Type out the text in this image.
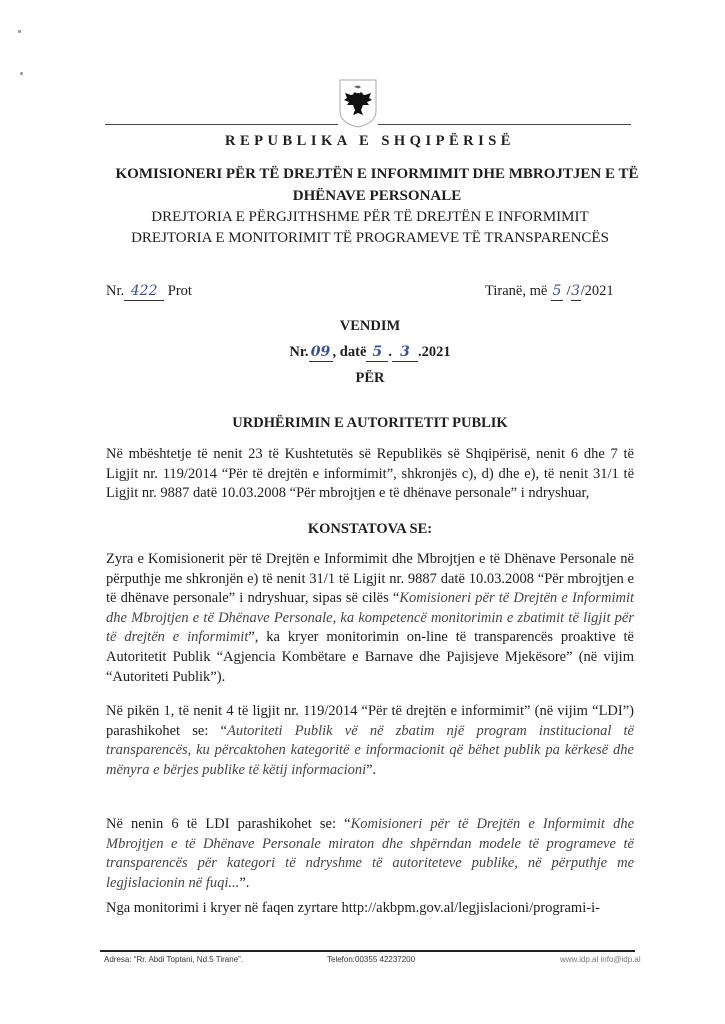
REPUBLIKA E SHQIPËRISË
KOMISIONERI PËR TË DREJTËN E INFORMIMIT DHE MBROJTJEN E TË DHËNAVE PERSONALE
DREJTORIA E PËRGJITHSHME PËR TË DREJTËN E INFORMIMIT
DREJTORIA E MONITORIMIT TË PROGRAMEVE TË TRANSPARENCËS
Nr. 422 Prot	Tiranë, më 5 /3/2021
VENDIM
Nr. 09 , datë 5 . 3 .2021
PËR
URDHËRIMIN E AUTORITETIT PUBLIK

Në mbështetje të nenit 23 të Kushtetutës së Republikës së Shqipërisë, nenit 6 dhe 7 të Ligjit nr. 119/2014 “Për të drejtën e informimit”, shkronjës c), d) dhe e), të nenit 31/1 të Ligjit nr. 9887 datë 10.03.2008 “Për mbrojtjen e të dhënave personale” i ndryshuar,

KONSTATOVA SE:

Zyra e Komisionerit për të Drejtën e Informimit dhe Mbrojtjen e të Dhënave Personale në përputhje me shkronjën e) të nenit 31/1 të Ligjit nr. 9887 datë 10.03.2008 “Për mbrojtjen e të dhënave personale” i ndryshuar, sipas së cilës “Komisioneri për të Drejtën e Informimit dhe Mbrojtjen e të Dhënave Personale, ka kompetencë monitorimin e zbatimit të ligjit për të drejtën e informimit”, ka kryer monitorimin on-line të transparencës proaktive të Autoritetit Publik “Agjencia Kombëtare e Barnave dhe Pajisjeve Mjekësore” (në vijim “Autoriteti Publik”).

Në pikën 1, të nenit 4 të ligjit nr. 119/2014 “Për të drejtën e informimit” (në vijim “LDI”) parashikohet se: “Autoriteti Publik vë në zbatim një program institucional të transparencës, ku përcaktohen kategoritë e informacionit që bëhet publik pa kërkesë dhe mënyra e bërjes publike të këtij informacioni”.

Në nenin 6 të LDI parashikohet se: “Komisioneri për të Drejtën e Informimit dhe Mbrojtjen e të Dhënave Personale miraton dhe shpërndan modele të programeve të transparencës për kategori të ndryshme të autoriteteve publike, në përputhje me legjislacionin në fuqi...”.

Nga monitorimi i kryer në faqen zyrtare http://akbpm.gov.al/legjislacioni/programi-i-

Adresa: “Rr. Abdi Toptani, Nd.5 Tirane”.	Telefon:00355 42237200	www.idp.al info@idp.al
